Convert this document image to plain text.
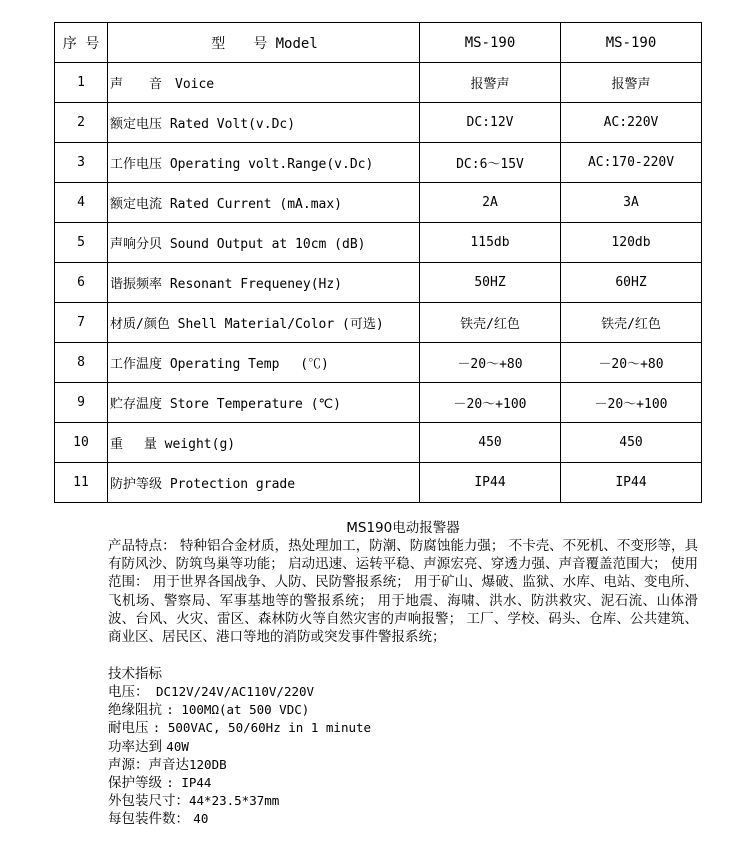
序 号	型　　号 Model	MS-190	MS-190
1	声　　音　Voice	报警声	报警声
2	额定电压 Rated Volt(v.Dc)	DC:12V	AC:220V
3	工作电压 Operating volt.Range(v.Dc)	DC:6～15V	AC:170-220V
4	额定电流 Rated Current (mA.max)	2A	3A
5	声响分贝 Sound Output at 10cm (dB)	115db	120db
6	谐振频率 Resonant Frequeney(Hz)	50HZ	60HZ
7	材质/颜色 Shell Material/Color (可选)	铁壳/红色	铁壳/红色
8	工作温度 Operating Temp　 (℃)	－20～+80	－20～+80
9	贮存温度 Store Temperature (℃)	－20～+100	－20～+100
10	重　 量 weight(g)	450	450
11	防护等级 Protection grade	IP44	IP44
MS190电动报警器

产品特点： 特种铝合金材质，热处理加工，防潮、防腐蚀能力强； 不卡壳、不死机、不变形等，具有防风沙、防筑鸟巢等功能； 启动迅速、运转平稳、声源宏亮、穿透力强、声音覆盖范围大； 使用范围： 用于世界各国战争、人防、民防警报系统； 用于矿山、爆破、监狱、水库、电站、变电所、飞机场、警察局、军事基地等的警报系统； 用于地震、海啸、洪水、防洪救灾、泥石流、山体滑波、台风、火灾、雷区、森林防火等自然灾害的声响报警； 工厂、学校、码头、仓库、公共建筑、商业区、居民区、港口等地的消防或突发事件警报系统；

技术指标
电压： DC12V/24V/AC110V/220V
绝缘阻抗 : 100MΩ(at 500 VDC)
耐电压 : 500VAC, 50/60Hz in 1 minute
功率达到 40W
声源：声音达120DB
保护等级 : IP44
外包装尺寸：44*23.5*37mm
每包装件数： 40
